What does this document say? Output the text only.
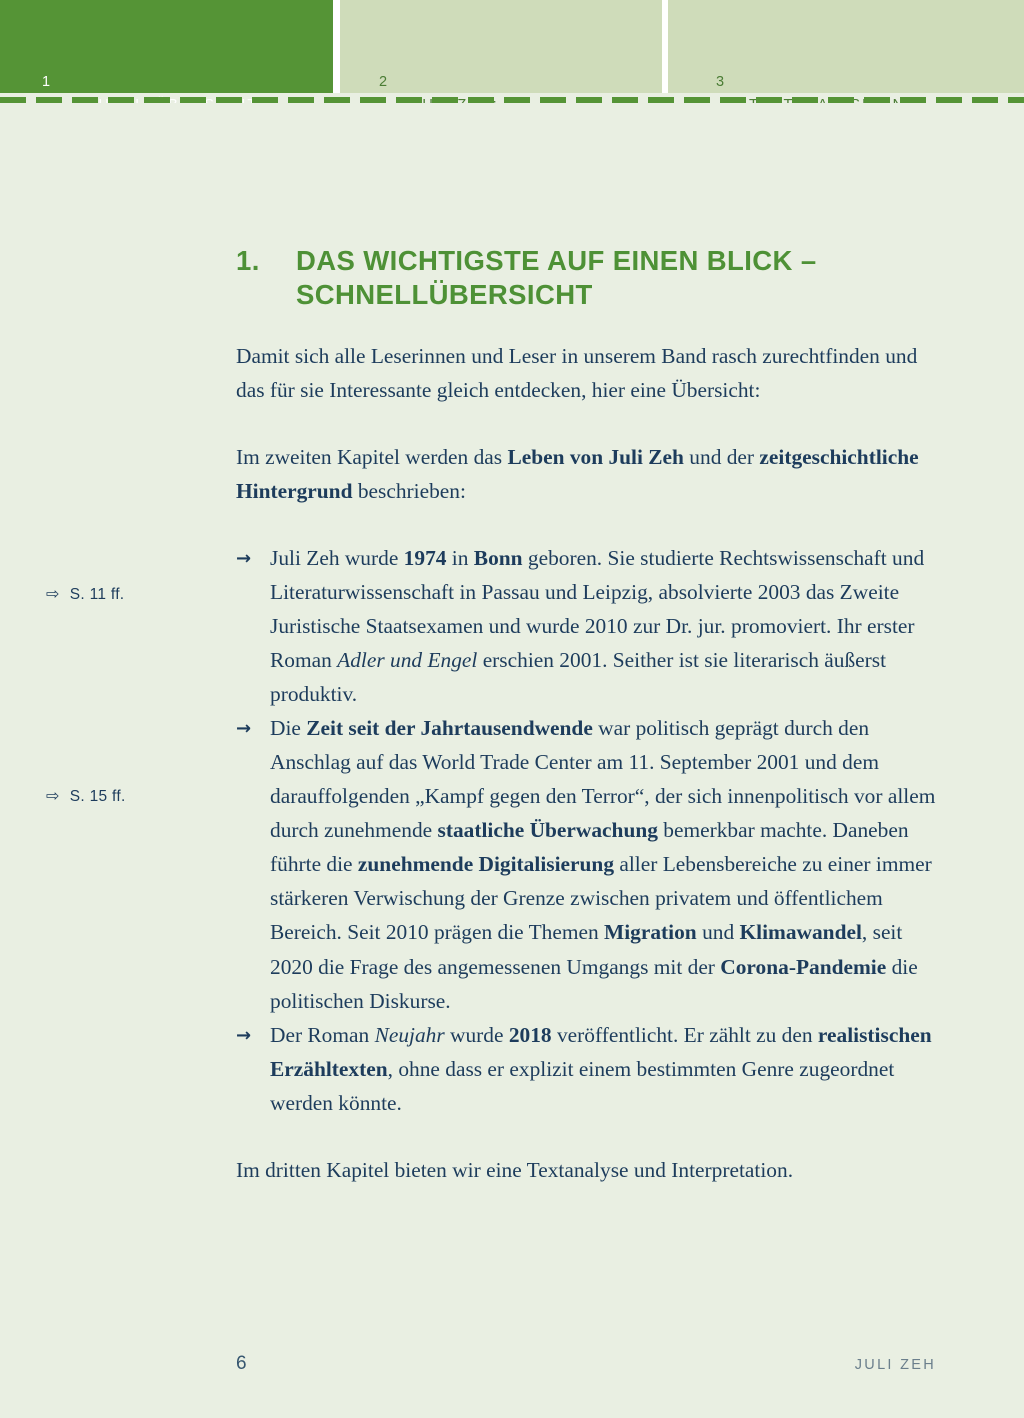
1	2	3

1. DAS WICHTIGSTE AUF EINEN BLICK – SCHNELLÜBERSICHT
⇨ S. 11 ff.
⇨ S. 15 ff.

Damit sich alle Leserinnen und Leser in unserem Band rasch zurechtfinden und das für sie Interessante gleich entdecken, hier eine Übersicht:

Im zweiten Kapitel werden das Leben von Juli Zeh und der zeitgeschichtliche Hintergrund beschrieben:

→ Juli Zeh wurde 1974 in Bonn geboren. Sie studierte Rechtswissenschaft und Literaturwissenschaft in Passau und Leipzig, absolvierte 2003 das Zweite Juristische Staatsexamen und wurde 2010 zur Dr. jur. promoviert. Ihr erster Roman Adler und Engel erschien 2001. Seither ist sie literarisch äußerst produktiv.
→ Die Zeit seit der Jahrtausendwende war politisch geprägt durch den Anschlag auf das World Trade Center am 11. September 2001 und dem darauffolgenden „Kampf gegen den Terror“, der sich innenpolitisch vor allem durch zunehmende staatliche Überwachung bemerkbar machte. Daneben führte die zunehmende Digitalisierung aller Lebensbereiche zu einer immer stärkeren Verwischung der Grenze zwischen privatem und öffentlichem Bereich. Seit 2010 prägen die Themen Migration und Klimawandel, seit 2020 die Frage des angemessenen Umgangs mit der Corona-Pandemie die politischen Diskurse.
→ Der Roman Neujahr wurde 2018 veröffentlicht. Er zählt zu den realistischen Erzähltexten, ohne dass er explizit einem bestimmten Genre zugeordnet werden könnte.

Im dritten Kapitel bieten wir eine Textanalyse und Interpretation.

6	JULI ZEH
